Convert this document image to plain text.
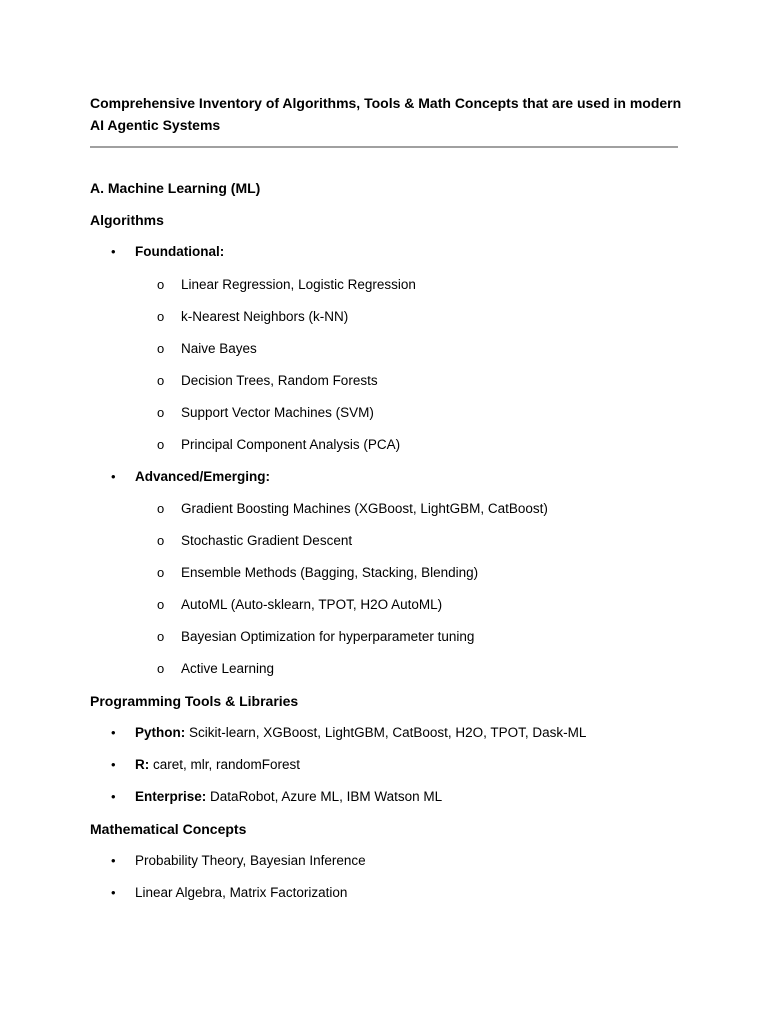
Comprehensive Inventory of Algorithms, Tools & Math Concepts that are used in modern AI Agentic Systems
A. Machine Learning (ML)
Algorithms
• Foundational:
o Linear Regression, Logistic Regression
o k-Nearest Neighbors (k-NN)
o Naive Bayes
o Decision Trees, Random Forests
o Support Vector Machines (SVM)
o Principal Component Analysis (PCA)
• Advanced/Emerging:
o Gradient Boosting Machines (XGBoost, LightGBM, CatBoost)
o Stochastic Gradient Descent
o Ensemble Methods (Bagging, Stacking, Blending)
o AutoML (Auto-sklearn, TPOT, H2O AutoML)
o Bayesian Optimization for hyperparameter tuning
o Active Learning
Programming Tools & Libraries
• Python: Scikit-learn, XGBoost, LightGBM, CatBoost, H2O, TPOT, Dask-ML
• R: caret, mlr, randomForest
• Enterprise: DataRobot, Azure ML, IBM Watson ML
Mathematical Concepts
• Probability Theory, Bayesian Inference
• Linear Algebra, Matrix Factorization
